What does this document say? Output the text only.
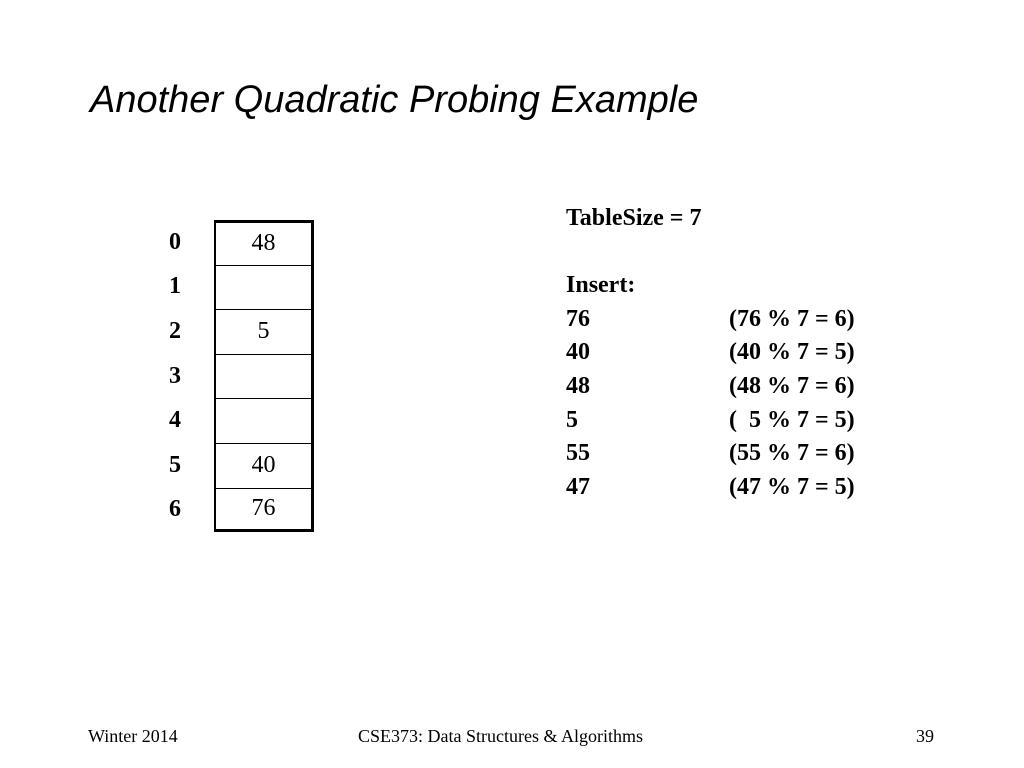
Another Quadratic Probing Example
0	48
1
2	5
3
4
5	40
6	76
TableSize = 7
Insert:
76	(76 % 7 = 6)
40	(40 % 7 = 5)
48	(48 % 7 = 6)
5	(  5 % 7 = 5)
55	(55 % 7 = 6)
47	(47 % 7 = 5)
Winter 2014	CSE373: Data Structures & Algorithms	39
